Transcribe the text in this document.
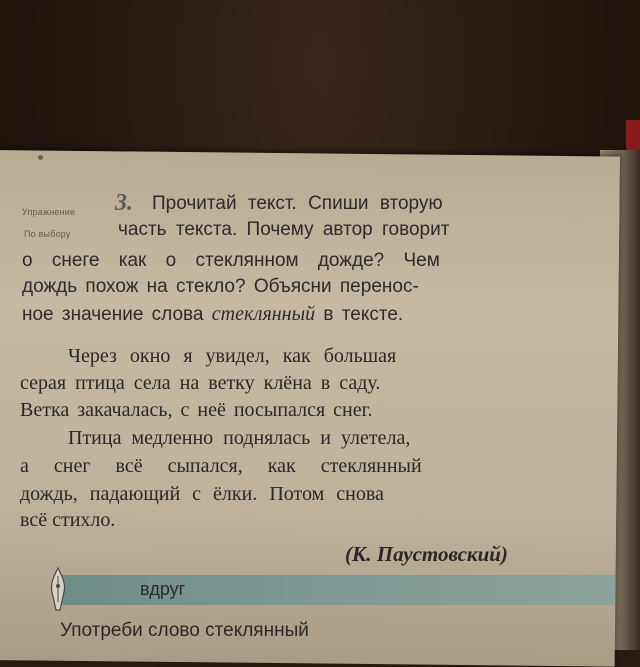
Упражнение
По выбору
3. Прочитай текст. Спиши вторую
часть текста. Почему автор говорит
о снеге как о стеклянном дожде? Чем
дождь похож на стекло? Объясни перенос-
ное значение слова стеклянный в тексте.
Через окно я увидел, как большая
серая птица села на ветку клёна в саду.
Ветка закачалась, с неё посыпался снег.
Птица медленно поднялась и улетела,
а снег всё сыпался, как стеклянный
дождь, падающий с ёлки. Потом снова
всё стихло.
(К. Паустовский)
вдруг
Употреби слово стеклянный
